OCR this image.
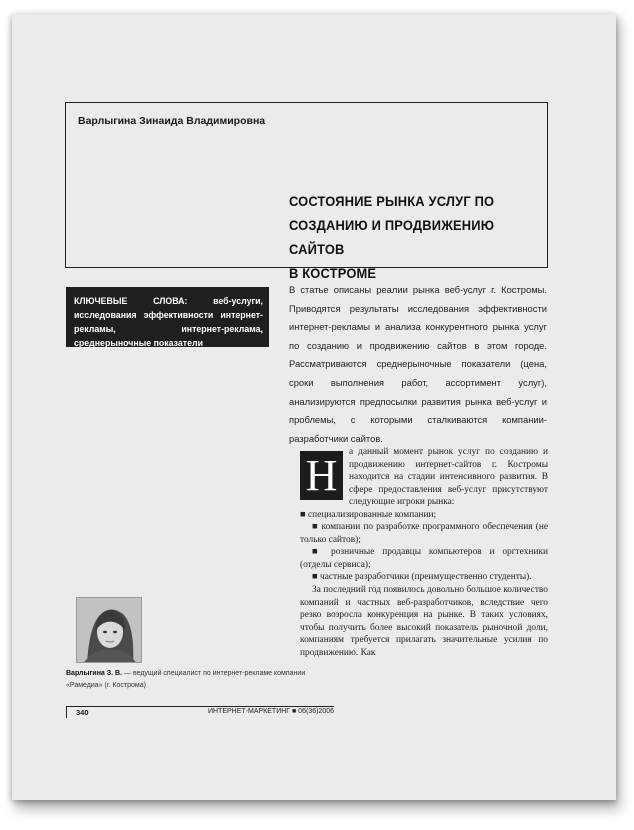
Варлыгина Зинаида Владимировна
СОСТОЯНИЕ РЫНКА УСЛУГ ПО
СОЗДАНИЮ И ПРОДВИЖЕНИЮ САЙТОВ
В КОСТРОМЕ
КЛЮЧЕВЫЕ СЛОВА:	веб-услуги, исследования эффективности интернет-рекламы, интернет-реклама, среднерыночные показатели
В статье описаны реалии рынка веб-услуг г. Костромы. Приводятся результаты исследования эффективности интернет-рекламы и анализа конкурентного рынка услуг по созданию и продвижению сайтов в этом городе. Рассматриваются среднерыночные показатели (цена, сроки выполнения работ, ассортимент услуг), анализируются предпосылки развития рынка веб-услуг и проблемы, с которыми сталкиваются компании-разработчики сайтов.

а данный момент рынок услуг по созданию и продвижению интернет-сайтов г. Костромы находится на стадии интенсивного развития. В сфере предоставления веб-услуг присутствуют следующие игроки рынка:

■ специализированные компании;

■ компании по разработке программного обеспечения (не только сайтов);

■ розничные продавцы компьютеров и оргтехники (отделы сервиса);

■ частные разработчики (преимущественно студенты).

За последний год появилось довольно большое количество компаний и частных веб-разработчиков, вследствие чего резко возросла конкуренция на рынке. В таких условиях, чтобы получить более высокий показатель рыночной доли, компаниям требуется прилагать значительные усилия по продвижению. Как

Н
Варлыгина З. В. — ведущий специалист по интернет-рекламе компании «Рамедиа» (г. Кострома)
340	ИНТЕРНЕТ-МАРКЕТИНГ ■ 06(36)2006
